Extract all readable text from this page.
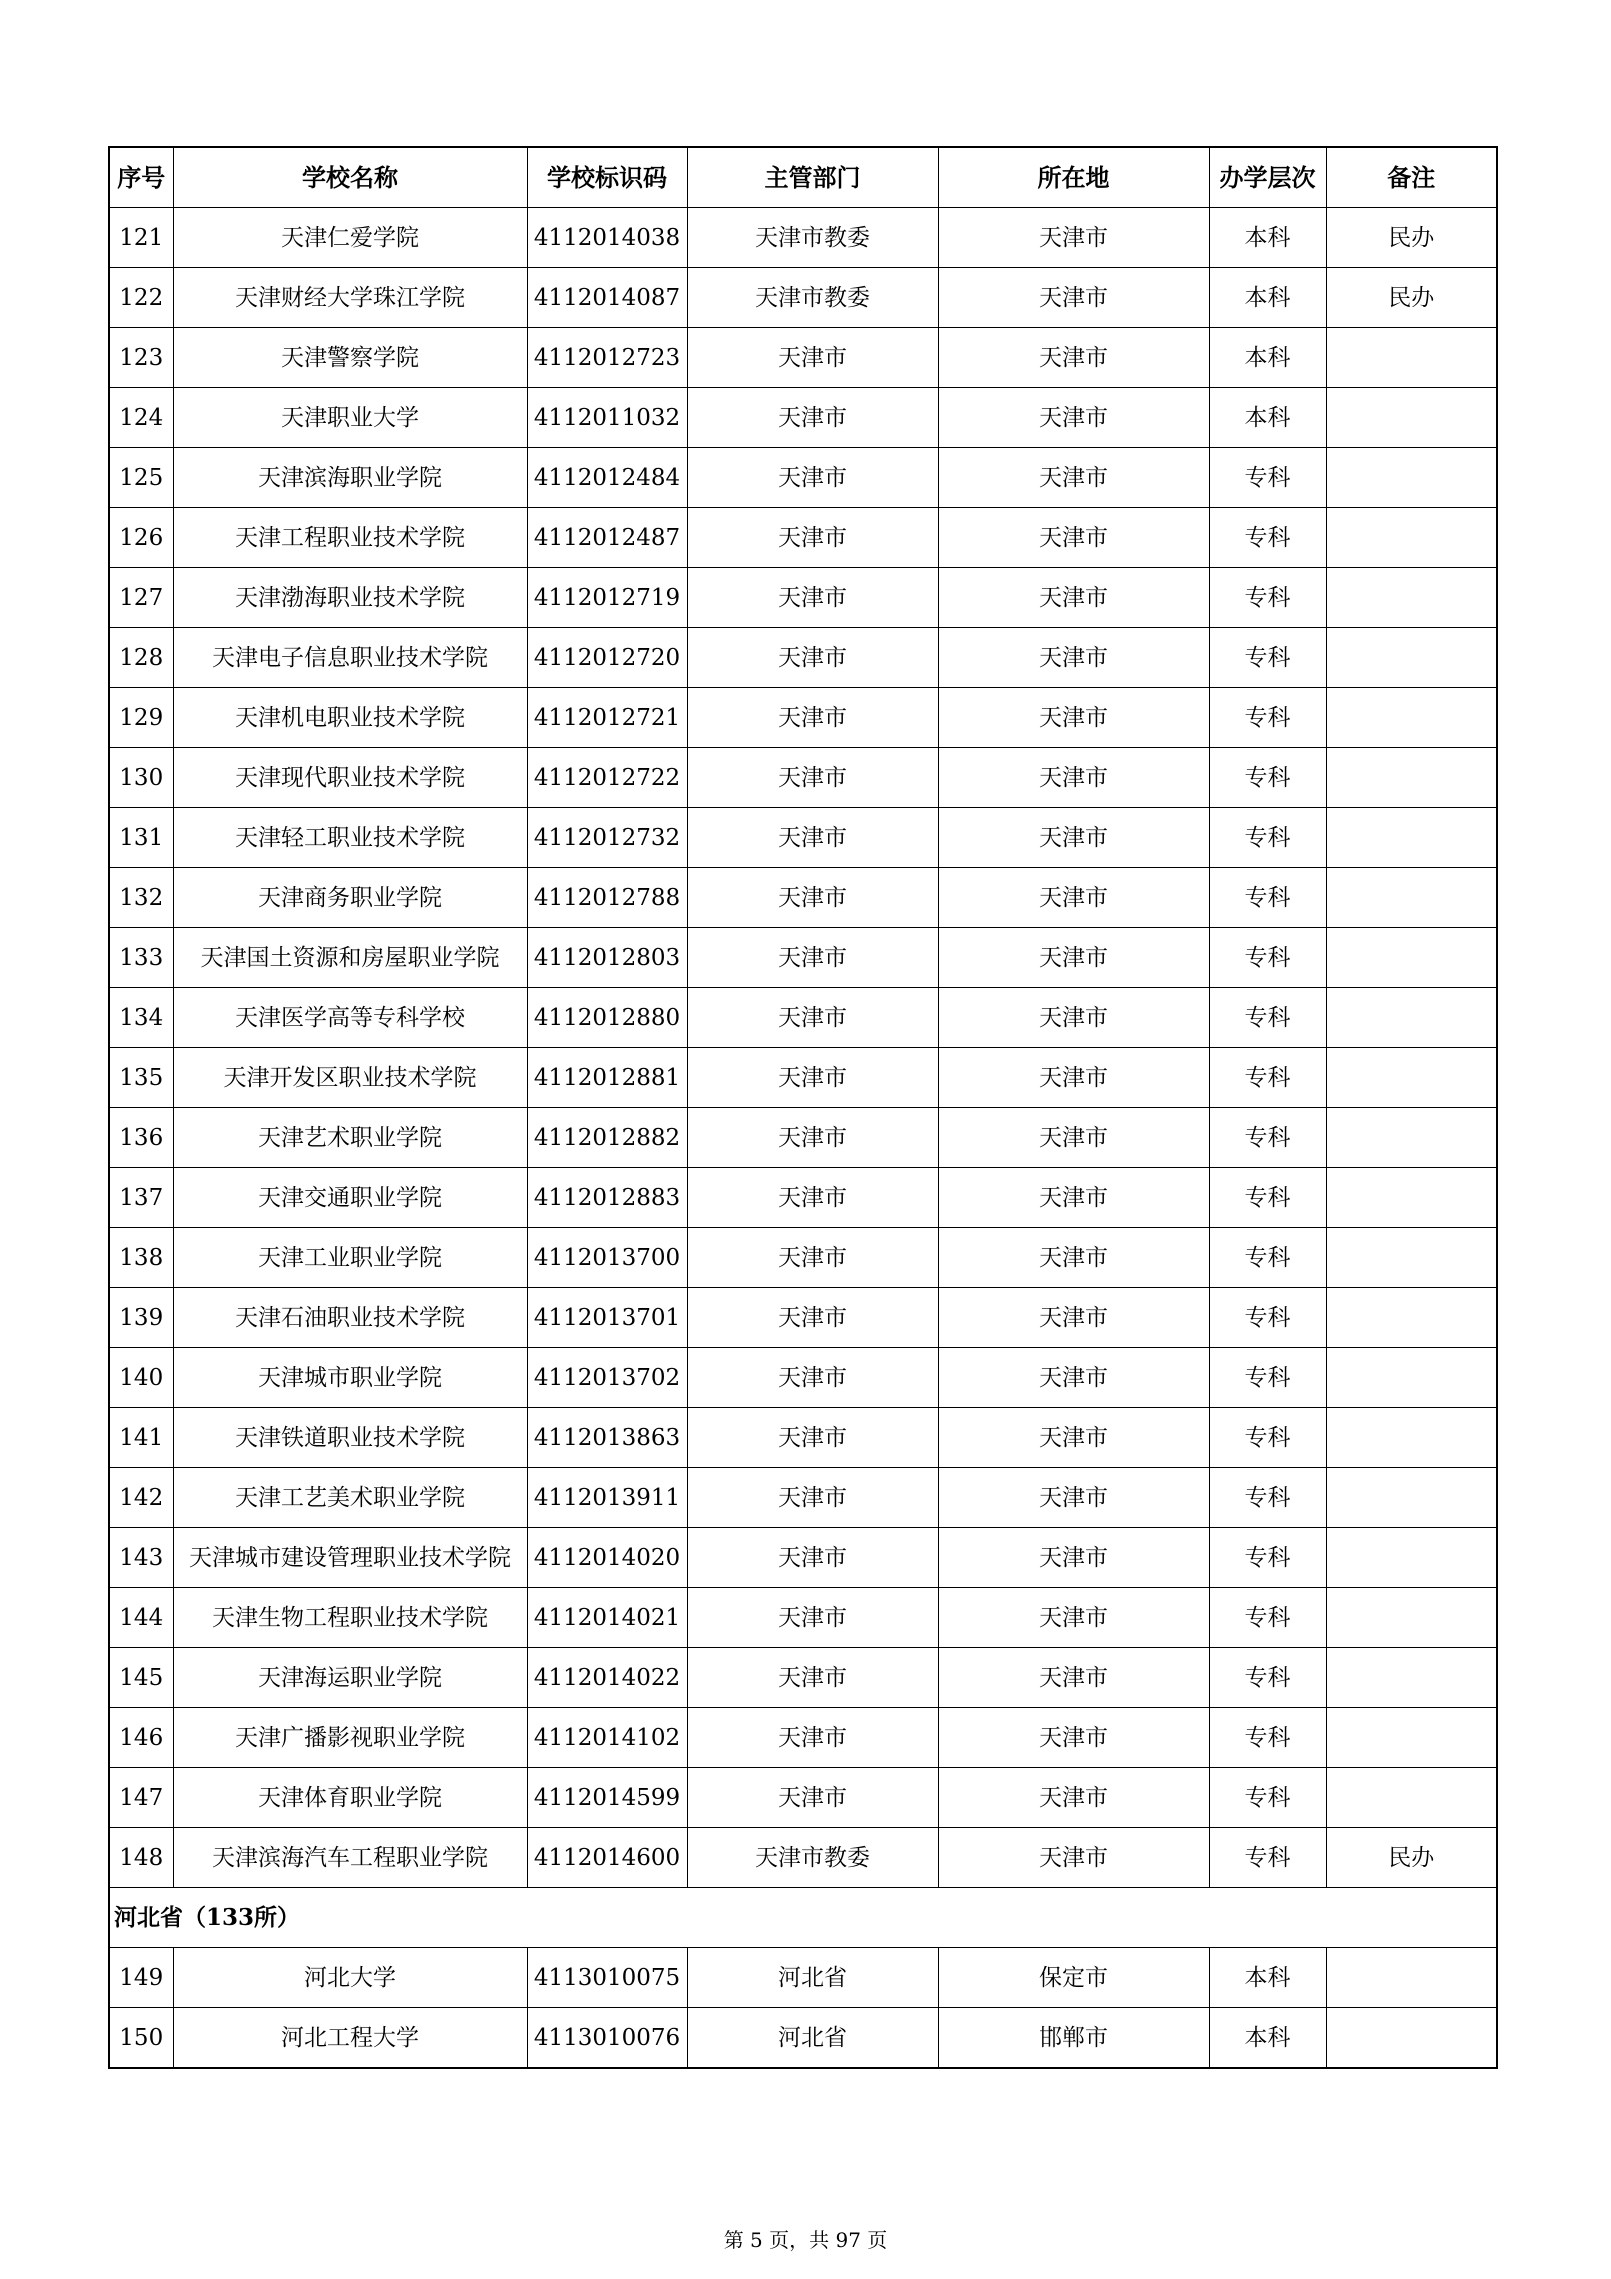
序号	学校名称	学校标识码	主管部门	所在地	办学层次	备注
121	天津仁爱学院	4112014038	天津市教委	天津市	本科	民办
122	天津财经大学珠江学院	4112014087	天津市教委	天津市	本科	民办
123	天津警察学院	4112012723	天津市	天津市	本科	
124	天津职业大学	4112011032	天津市	天津市	本科	
125	天津滨海职业学院	4112012484	天津市	天津市	专科	
126	天津工程职业技术学院	4112012487	天津市	天津市	专科	
127	天津渤海职业技术学院	4112012719	天津市	天津市	专科	
128	天津电子信息职业技术学院	4112012720	天津市	天津市	专科	
129	天津机电职业技术学院	4112012721	天津市	天津市	专科	
130	天津现代职业技术学院	4112012722	天津市	天津市	专科	
131	天津轻工职业技术学院	4112012732	天津市	天津市	专科	
132	天津商务职业学院	4112012788	天津市	天津市	专科	
133	天津国土资源和房屋职业学院	4112012803	天津市	天津市	专科	
134	天津医学高等专科学校	4112012880	天津市	天津市	专科	
135	天津开发区职业技术学院	4112012881	天津市	天津市	专科	
136	天津艺术职业学院	4112012882	天津市	天津市	专科	
137	天津交通职业学院	4112012883	天津市	天津市	专科	
138	天津工业职业学院	4112013700	天津市	天津市	专科	
139	天津石油职业技术学院	4112013701	天津市	天津市	专科	
140	天津城市职业学院	4112013702	天津市	天津市	专科	
141	天津铁道职业技术学院	4112013863	天津市	天津市	专科	
142	天津工艺美术职业学院	4112013911	天津市	天津市	专科	
143	天津城市建设管理职业技术学院	4112014020	天津市	天津市	专科	
144	天津生物工程职业技术学院	4112014021	天津市	天津市	专科	
145	天津海运职业学院	4112014022	天津市	天津市	专科	
146	天津广播影视职业学院	4112014102	天津市	天津市	专科	
147	天津体育职业学院	4112014599	天津市	天津市	专科	
148	天津滨海汽车工程职业学院	4112014600	天津市教委	天津市	专科	民办
河北省（133所）						
149	河北大学	4113010075	河北省	保定市	本科	
150	河北工程大学	4113010076	河北省	邯郸市	本科	
第 5 页，共 97 页
